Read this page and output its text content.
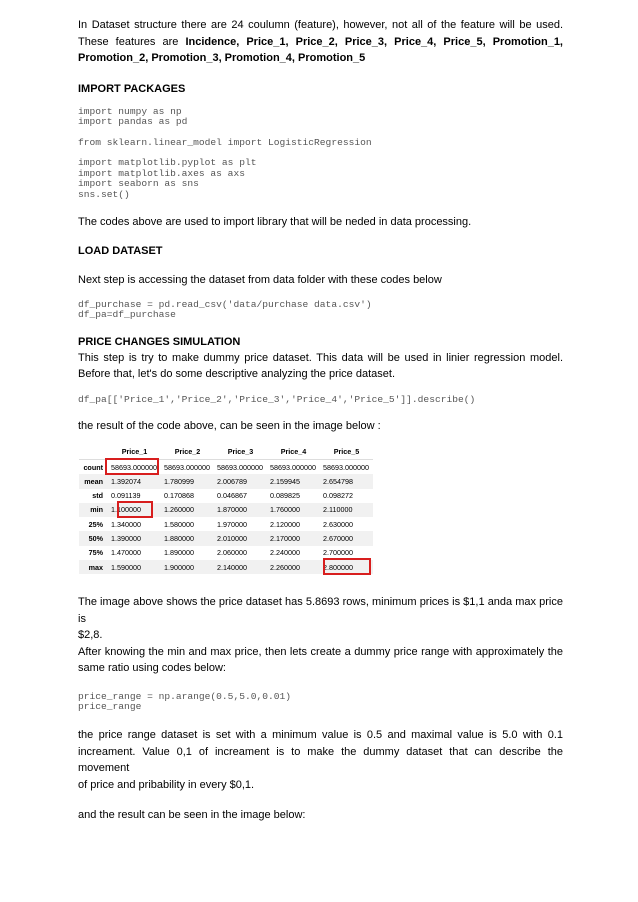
In Dataset structure there are 24 coulumn (feature), however, not all of the feature will be used.
These features are Incidence, Price_1, Price_2, Price_3, Price_4, Price_5, Promotion_1,
Promotion_2, Promotion_3, Promotion_4, Promotion_5

IMPORT PACKAGES

import numpy as np
import pandas as pd
from sklearn.linear_model import LogisticRegression
import matplotlib.pyplot as plt
import matplotlib.axes as axs
import seaborn as sns
sns.set()

The codes above are used to import library that will be neded in data processing.

LOAD DATASET

Next step is accessing the dataset from data folder with these codes below

df_purchase = pd.read_csv('data/purchase data.csv')
df_pa=df_purchase

PRICE CHANGES SIMULATION

This step is try to make dummy price dataset. This data will be used in linier regression model.
Before that, let's do some descriptive analyzing the price dataset.
df_pa[['Price_1','Price_2','Price_3','Price_4','Price_5']].describe()

the result of the code above, can be seen in the image below :

	Price_1	Price_2	Price_3	Price_4	Price_5
count	58693.000000	58693.000000	58693.000000	58693.000000	58693.000000
mean	1.392074	1.780999	2.006789	2.159945	2.654798
std	0.091139	0.170868	0.046867	0.089825	0.098272
min	1.100000	1.260000	1.870000	1.760000	2.110000
25%	1.340000	1.580000	1.970000	2.120000	2.630000
50%	1.390000	1.880000	2.010000	2.170000	2.670000
75%	1.470000	1.890000	2.060000	2.240000	2.700000
max	1.590000	1.900000	2.140000	2.260000	2.800000
The image above shows the price dataset has 5.8693 rows, minimum prices is $1,1 anda max price is
$2,8.
After knowing the min and max price, then lets create a dummy price range with approximately the
same ratio using codes below:
price_range = np.arange(0.5,5.0,0.01)
price_range
the price range dataset is set with a minimum value is 0.5 and maximal value is 5.0 with 0.1
increament. Value 0,1 of increament is to make the dummy dataset that can describe the movement
of price and pribability in every $0,1.

and the result can be seen in the image below:
